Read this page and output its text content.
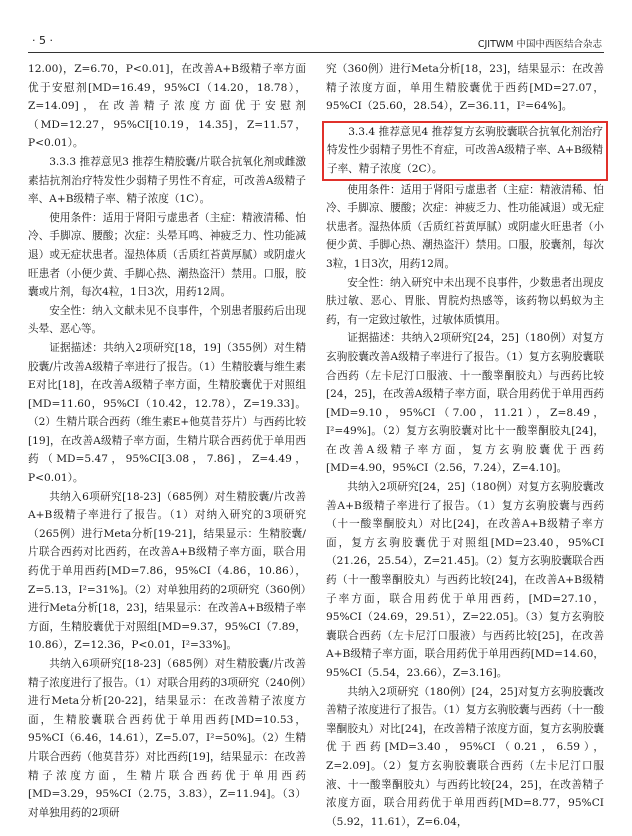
· 5 ·	CJITWM 中国中西医结合杂志

12.00)，Z=6.70，P<0.01]，在改善A+B级精子率方面优于安慰剂[MD=16.49，95%CI（14.20，18.78），Z=14.09]，在改善精子浓度方面优于安慰剂（MD=12.27，95%CI[10.19，14.35]，Z=11.57，P<0.01）。

3.3.3 推荐意见3 推荐生精胶囊/片联合抗氧化剂或雌激素拮抗剂治疗特发性少弱精子男性不育症，可改善A级精子率、A+B级精子率、精子浓度（1C）。

使用条件：适用于肾阳亏虚患者（主症：精液清稀、怕冷、手脚凉、腰酸；次症：头晕耳鸣、神疲乏力、性功能减退）或无症状患者。湿热体质（舌质红苔黄厚腻）或阴虚火旺患者（小便少黄、手脚心热、潮热盗汗）禁用。口服，胶囊或片剂，每次4粒，1日3次，用药12周。

安全性：纳入文献未见不良事件，个别患者服药后出现头晕、恶心等。

证据描述：共纳入2项研究[18，19]（355例）对生精胶囊/片改善A级精子率进行了报告。（1）生精胶囊与维生素E对比[18]，在改善A级精子率方面，生精胶囊优于对照组[MD=11.60，95%CI（10.42，12.78），Z=19.33]。（2）生精片联合西药（维生素E+他莫昔芬片）与西药比较[19]，在改善A级精子率方面，生精片联合西药优于单用西药（MD=5.47，95%CI[3.08，7.86]，Z=4.49，P<0.01）。

共纳入6项研究[18-23]（685例）对生精胶囊/片改善A+B级精子率进行了报告。（1）对纳入研究的3项研究（265例）进行Meta分析[19-21]，结果显示：生精胶囊/片联合西药对比西药，在改善A+B级精子率方面，联合用药优于单用西药[MD=7.86，95%CI（4.86，10.86），Z=5.13，I²=31%]。（2）对单独用药的2项研究（360例）进行Meta分析[18，23]，结果显示：在改善A+B级精子率方面，生精胶囊优于对照组[MD=9.37，95%CI（7.89，10.86），Z=12.36，P<0.01，I²=33%]。

共纳入6项研究[18-23]（685例）对生精胶囊/片改善精子浓度进行了报告。（1）对联合用药的3项研究（240例）进行Meta分析[20-22]，结果显示：在改善精子浓度方面，生精胶囊联合西药优于单用西药[MD=10.53，95%CI（6.46，14.61），Z=5.07，I²=50%]。（2）生精片联合西药（他莫昔芬）对比西药[19]，结果显示：在改善精子浓度方面，生精片联合西药优于单用西药[MD=3.29，95%CI（2.75，3.83），Z=11.94]。（3）对单独用药的2项研

究（360例）进行Meta分析[18，23]，结果显示：在改善精子浓度方面，单用生精胶囊优于西药[MD=27.07，95%CI（25.60，28.54），Z=36.11，I²=64%]。

3.3.4 推荐意见4 推荐复方玄驹胶囊联合抗氧化剂治疗特发性少弱精子男性不育症，可改善A级精子率、A+B级精子率、精子浓度（2C）。

使用条件：适用于肾阳亏虚患者（主症：精液清稀、怕冷、手脚凉、腰酸；次症：神疲乏力、性功能减退）或无症状患者。湿热体质（舌质红苔黄厚腻）或阴虚火旺患者（小便少黄、手脚心热、潮热盗汗）禁用。口服，胶囊剂，每次3粒，1日3次，用药12周。

安全性：纳入研究中未出现不良事件，少数患者出现皮肤过敏、恶心、胃胀、胃脘灼热感等，该药物以蚂蚁为主药，有一定致过敏性，过敏体质慎用。

证据描述：共纳入2项研究[24，25]（180例）对复方玄驹胶囊改善A级精子率进行了报告。（1）复方玄驹胶囊联合西药（左卡尼汀口服液、十一酸睾酮胶丸）与西药比较[24，25]，在改善A级精子率方面，联合用药优于单用西药[MD=9.10，95%CI（7.00，11.21），Z=8.49，I²=49%]。（2）复方玄驹胶囊对比十一酸睾酮胶丸[24]，在改善A级精子率方面，复方玄驹胶囊优于西药[MD=4.90，95%CI（2.56，7.24），Z=4.10]。

共纳入2项研究[24，25]（180例）对复方玄驹胶囊改善A+B级精子率进行了报告。（1）复方玄驹胶囊与西药（十一酸睾酮胶丸）对比[24]，在改善A+B级精子率方面，复方玄驹胶囊优于对照组[MD=23.40，95%CI（21.26，25.54），Z=21.45]。（2）复方玄驹胶囊联合西药（十一酸睾酮胶丸）与西药比较[24]，在改善A+B级精子率方面，联合用药优于单用西药，[MD=27.10，95%CI（24.69，29.51），Z=22.05]。（3）复方玄驹胶囊联合西药（左卡尼汀口服液）与西药比较[25]，在改善A+B级精子率方面，联合用药优于单用西药[MD=14.60，95%CI（5.54，23.66），Z=3.16]。

共纳入2项研究（180例）[24，25]对复方玄驹胶囊改善精子浓度进行了报告。（1）复方玄驹胶囊与西药（十一酸睾酮胶丸）对比[24]，在改善精子浓度方面，复方玄驹胶囊优于西药[MD=3.40，95%CI（0.21，6.59），Z=2.09]。（2）复方玄驹胶囊联合西药（左卡尼汀口服液、十一酸睾酮胶丸）与西药比较[24，25]，在改善精子浓度方面，联合用药优于单用西药[MD=8.77，95%CI（5.92，11.61），Z=6.04，
